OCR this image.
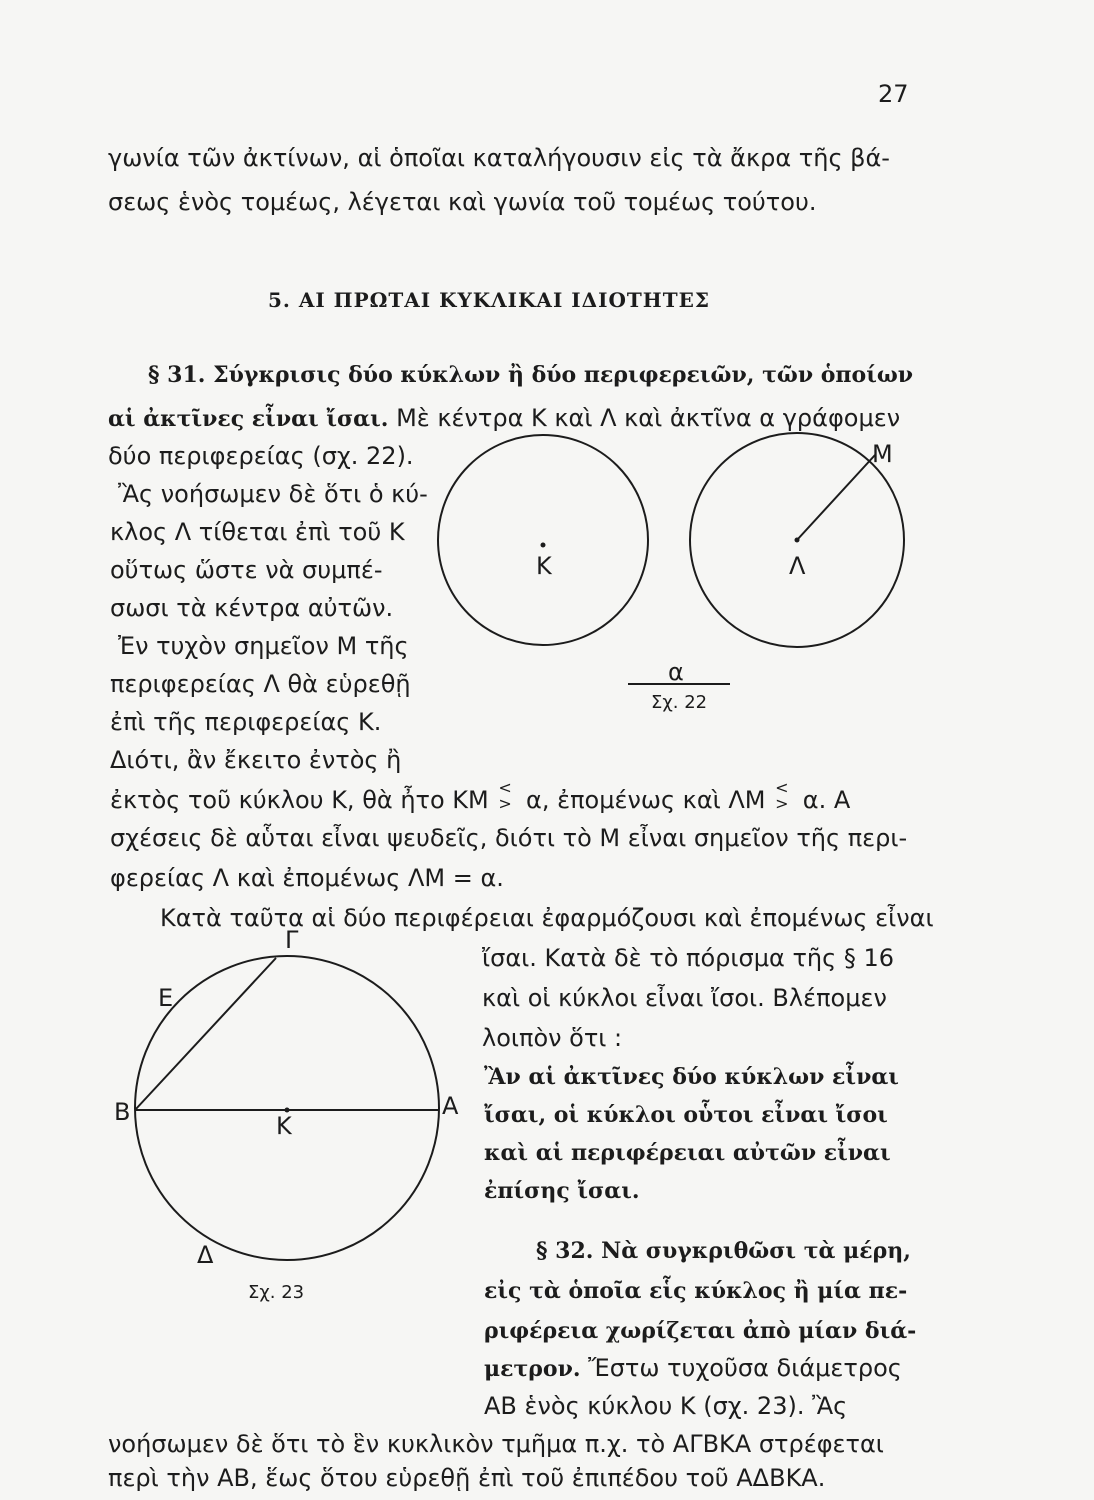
27
γωνία τῶν ἀκτίνων, αἱ ὁποῖαι καταλήγουσιν εἰς τὰ ἄκρα τῆς βά-
σεως ἑνὸς τομέως, λέγεται καὶ γωνία τοῦ τομέως τούτου.
5. ΑΙ ΠΡΩΤΑΙ ΚΥΚΛΙΚΑΙ ΙΔΙΟΤΗΤΕΣ
§ 31. Σύγκρισις δύο κύκλων ἢ δύο περιφερειῶν, τῶν ὁποίων
αἱ ἀκτῖνες εἶναι ἴσαι. Μὲ κέντρα Κ καὶ Λ καὶ ἀκτῖνα α γράφομεν
δύο περιφερείας (σχ. 22).
Ἂς νοήσωμεν δὲ ὅτι ὁ κύ-
κλος Λ τίθεται ἐπὶ τοῦ Κ
οὕτως ὥστε νὰ συμπέ-
σωσι τὰ κέντρα αὐτῶν.
Ἐν τυχὸν σημεῖον Μ τῆς
περιφερείας Λ θὰ εὑρεθῇ
ἐπὶ τῆς περιφερείας Κ.
Διότι, ἂν ἔκειτο ἐντὸς ἢ
ἐκτὸς τοῦ κύκλου Κ, θὰ ἦτο ΚΜ <
> α, ἐπομένως καὶ ΛΜ <
> α. Α
σχέσεις δὲ αὗται εἶναι ψευδεῖς, διότι τὸ Μ εἶναι σημεῖον τῆς περι-
φερείας Λ καὶ ἐπομένως ΛΜ = α.
Κατὰ ταῦτα αἱ δύο περιφέρειαι ἐφαρμόζουσι καὶ ἐπομένως εἶναι
ἴσαι. Κατὰ δὲ τὸ πόρισμα τῆς § 16
καὶ οἱ κύκλοι εἶναι ἴσοι. Βλέπομεν
λοιπὸν ὅτι :
Ἂν αἱ ἀκτῖνες δύο κύκλων εἶναι
ἴσαι, οἱ κύκλοι οὗτοι εἶναι ἴσοι
καὶ αἱ περιφέρειαι αὐτῶν εἶναι
ἐπίσης ἴσαι.
§ 32. Νὰ συγκριθῶσι τὰ μέρη,
εἰς τὰ ὁποῖα εἷς κύκλος ἢ μία πε-
ριφέρεια χωρίζεται ἀπὸ μίαν διά-
μετρον. Ἔστω τυχοῦσα διάμετρος
ΑΒ ἑνὸς κύκλου Κ (σχ. 23). Ἂς
νοήσωμεν δὲ ὅτι τὸ ἓν κυκλικὸν τμῆμα π.χ. τὸ ΑΓΒΚΑ στρέφεται
περὶ τὴν ΑΒ, ἕως ὅτου εὑρεθῇ ἐπὶ τοῦ ἐπιπέδου τοῦ ΑΔΒΚΑ.
Κ	Λ
Μ
α
Σχ. 22
Γ
Ε
Β	Α
Κ
Δ
Σχ. 23
